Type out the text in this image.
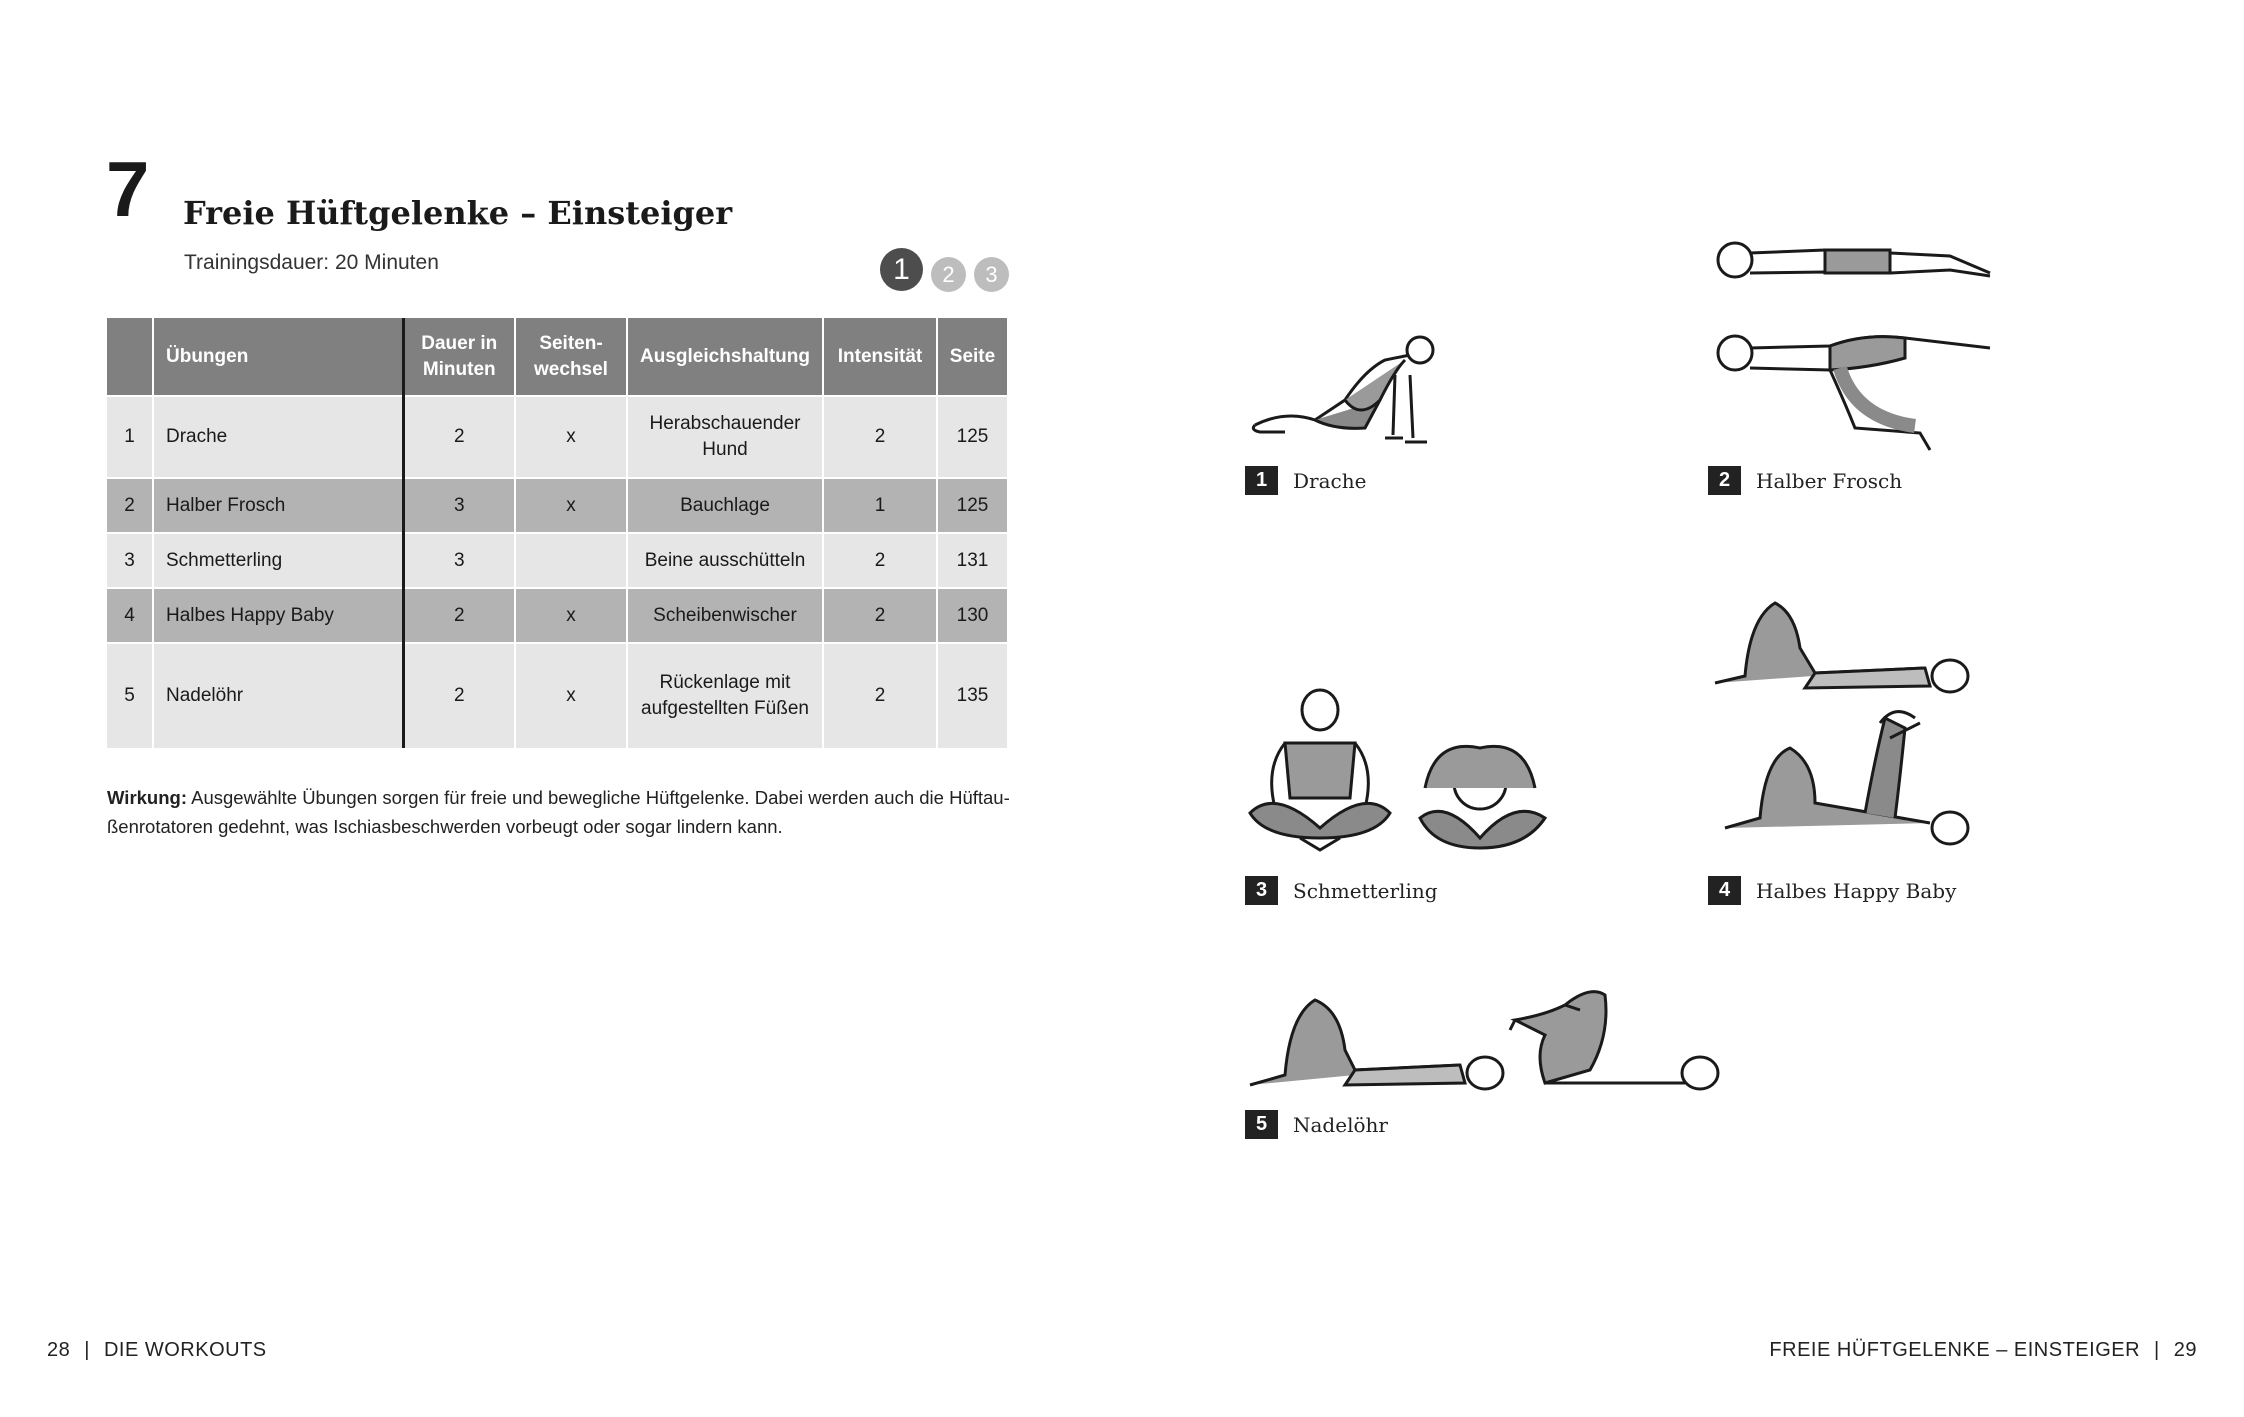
7 Freie Hüftgelenke – Einsteiger
Trainingsdauer: 20 Minuten	1	2	3
	Übungen	Dauer in Minuten	Seiten-wechsel	Ausgleichshaltung	Intensität	Seite
1	Drache	2	x	Herabschauender Hund	2	125
2	Halber Frosch	3	x	Bauchlage	1	125
3	Schmetterling	3		Beine ausschütteln	2	131
4	Halbes Happy Baby	2	x	Scheibenwischer	2	130
5	Nadelöhr	2	x	Rückenlage mit aufgestellten Füßen	2	135
Wirkung: Ausgewählte Übungen sorgen für freie und bewegliche Hüftgelenke. Dabei werden auch die Hüftaußenrotatoren gedehnt, was Ischiasbeschwerden vorbeugt oder sogar lindern kann.
1	Drache	2	Halber Frosch
3	Schmetterling	4	Halbes Happy Baby
5	Nadelöhr
28 | DIE WORKOUTS	FREIE HÜFTGELENKE – EINSTEIGER | 29
